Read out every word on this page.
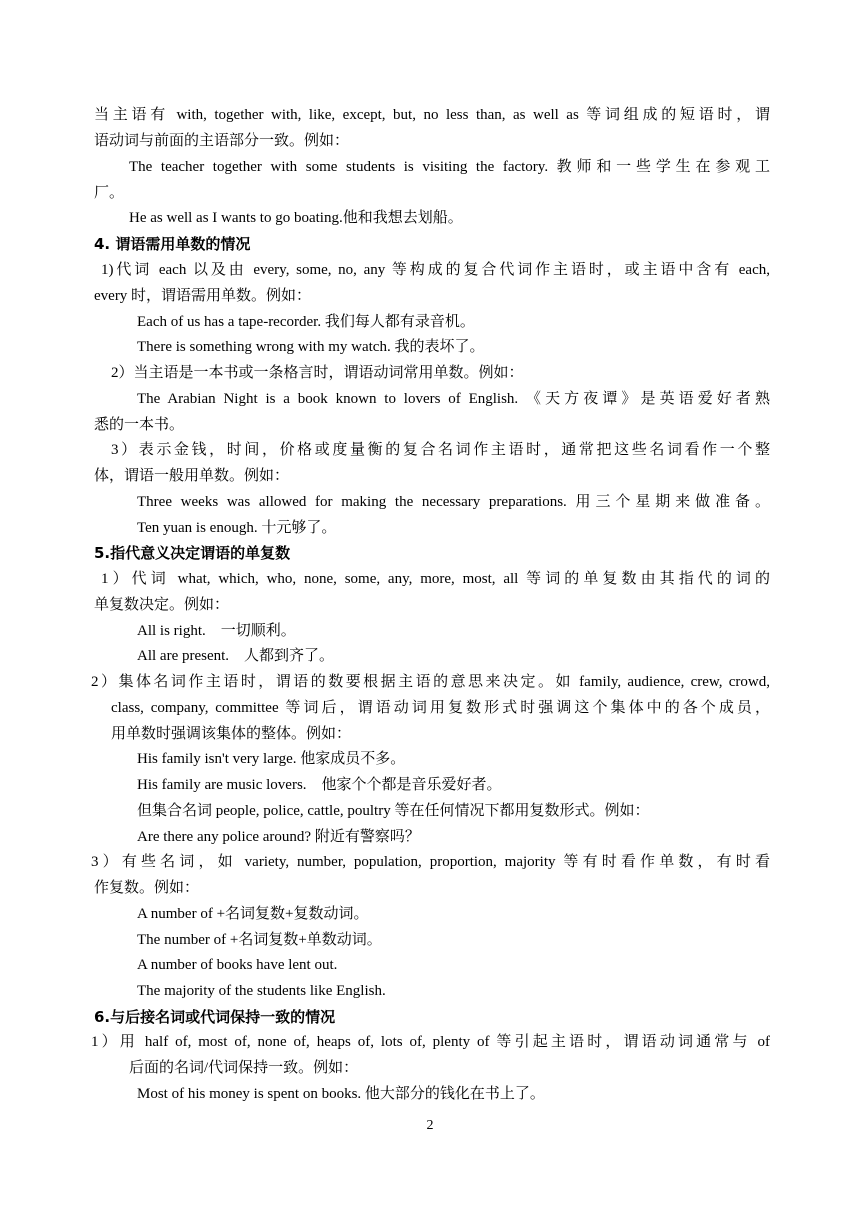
当主语有 with, together with, like, except, but, no less than, as well as 等词组成的短语时，谓
语动词与前面的主语部分一致。例如：
The teacher together with some students is visiting the factory. 教师和一些学生在参观工
厂。
He as well as I wants to go boating.他和我想去划船。
4. 谓语需用单数的情况
1)代词 each 以及由 every, some, no, any 等构成的复合代词作主语时，或主语中含有 each,
every 时，谓语需用单数。例如：
Each of us has a tape-recorder. 我们每人都有录音机。
There is something wrong with my watch. 我的表坏了。
2）当主语是一本书或一条格言时，谓语动词常用单数。例如：
The Arabian Night is a book known to lovers of English. 《天方夜谭》是英语爱好者熟
悉的一本书。
3）表示金钱，时间，价格或度量衡的复合名词作主语时，通常把这些名词看作一个整
体，谓语一般用单数。例如：
Three weeks was allowed for making the necessary preparations. 用三个星期来做准备。
Ten yuan is enough. 十元够了。
5.指代意义决定谓语的单复数
1）代词 what, which, who, none, some, any, more, most, all 等词的单复数由其指代的词的
单复数决定。例如：
All is right.    一切顺利。
All are present.    人都到齐了。
2）集体名词作主语时，谓语的数要根据主语的意思来决定。如 family, audience, crew, crowd,
class, company, committee 等词后，谓语动词用复数形式时强调这个集体中的各个成员，
用单数时强调该集体的整体。例如：
His family isn't very large. 他家成员不多。
His family are music lovers.    他家个个都是音乐爱好者。
但集合名词 people, police, cattle, poultry 等在任何情况下都用复数形式。例如：
Are there any police around? 附近有警察吗？
3）有些名词，如 variety, number, population, proportion, majority 等有时看作单数，有时看
作复数。例如：
A number of +名词复数+复数动词。
The number of +名词复数+单数动词。
A number of books have lent out.
The majority of the students like English.
6.与后接名词或代词保持一致的情况
1）用 half of, most of, none of, heaps of, lots of, plenty of 等引起主语时，谓语动词通常与 of
后面的名词/代词保持一致。例如：
Most of his money is spent on books. 他大部分的钱化在书上了。
2
